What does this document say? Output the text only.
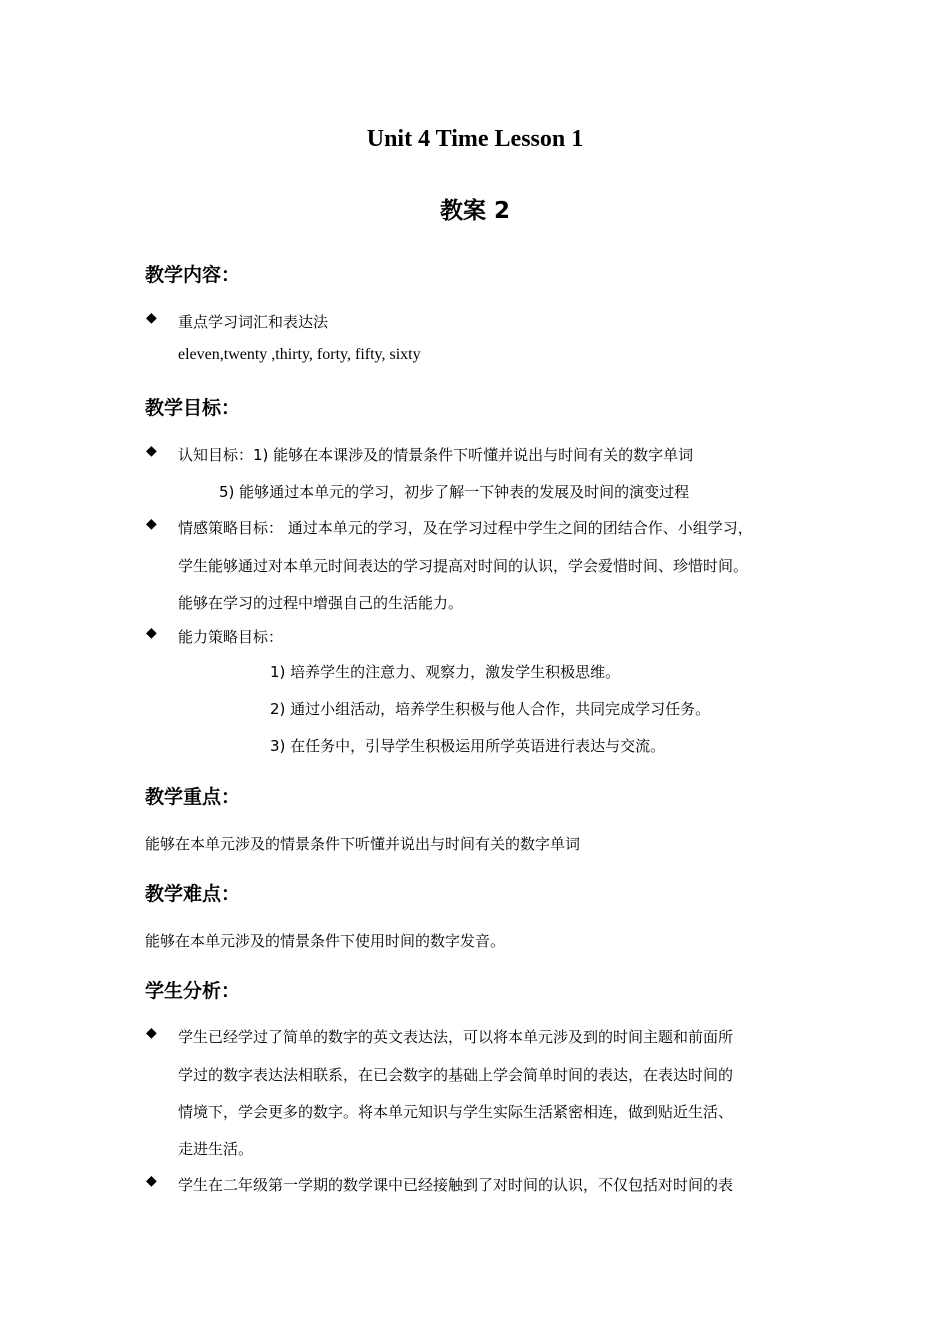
Unit 4 Time Lesson 1
教案 2
教学内容：
◆ 重点学习词汇和表达法
eleven,twenty ,thirty, forty, fifty, sixty
教学目标：
◆ 认知目标：1) 能够在本课涉及的情景条件下听懂并说出与时间有关的数字单词
5) 能够通过本单元的学习，初步了解一下钟表的发展及时间的演变过程
◆ 情感策略目标： 通过本单元的学习，及在学习过程中学生之间的团结合作、小组学习，
学生能够通过对本单元时间表达的学习提高对时间的认识，学会爱惜时间、珍惜时间。
能够在学习的过程中增强自己的生活能力。
◆ 能力策略目标：
1) 培养学生的注意力、观察力，激发学生积极思维。
2) 通过小组活动，培养学生积极与他人合作，共同完成学习任务。
3) 在任务中，引导学生积极运用所学英语进行表达与交流。
教学重点：
能够在本单元涉及的情景条件下听懂并说出与时间有关的数字单词
教学难点：
能够在本单元涉及的情景条件下使用时间的数字发音。
学生分析：
◆ 学生已经学过了简单的数字的英文表达法，可以将本单元涉及到的时间主题和前面所
学过的数字表达法相联系，在已会数字的基础上学会简单时间的表达，在表达时间的
情境下，学会更多的数字。将本单元知识与学生实际生活紧密相连，做到贴近生活、
走进生活。
◆ 学生在二年级第一学期的数学课中已经接触到了对时间的认识，不仅包括对时间的表
